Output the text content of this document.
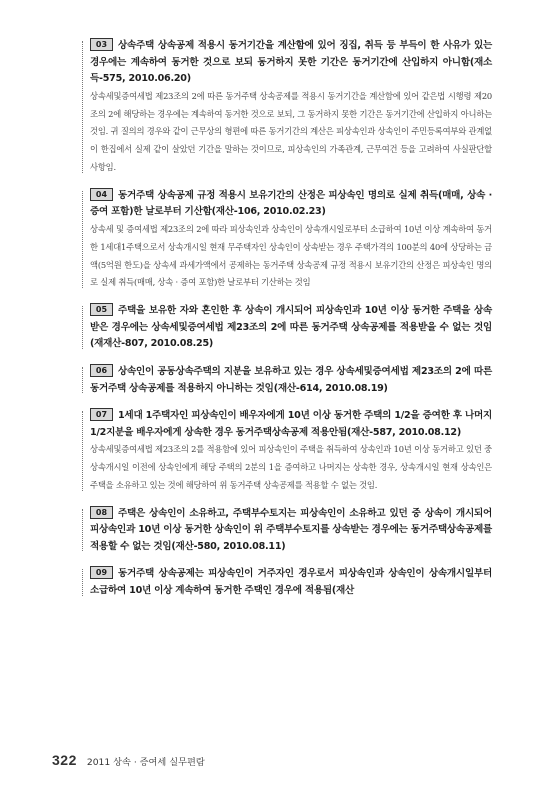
03 상속주택 상속공제 적용시 동거기간을 계산함에 있어 징집, 취득 등 부득이 한 사유가 있는 경우에는 계속하여 동거한 것으로 보되 동거하지 못한 기간은 동거기간에 산입하지 아니함(재소득-575, 2010.06.20)

상속세및증여세법 제23조의 2에 따른 동거주택 상속공제를 적용시 동거기간을 계산함에 있어 같은법 시행령 제20조의 2에 해당하는 경우에는 계속하여 동거한 것으로 보되, 그 동거하지 못한 기간은 동거기간에 산입하지 아니하는 것임. 귀 질의의 경우와 같이 근무상의 형편에 따른 동거기간의 계산은 피상속인과 상속인이 주민등록여부와 관계없이 한집에서 실제 같이 살았던 기간을 말하는 것이므로, 피상속인의 가족관계, 근무여건 등을 고려하여 사실판단할 사항임.

04 동거주택 상속공제 규정 적용시 보유기간의 산정은 피상속인 명의로 실제 취득(매매, 상속 · 증여 포함)한 날로부터 기산함(재산-106, 2010.02.23)

상속세 및 증여세법 제23조의 2에 따라 피상속인과 상속인이 상속개시일로부터 소급하여 10년 이상 계속하여 동거한 1세대1주택으로서 상속개시일 현재 무주택자인 상속인이 상속받는 경우 주택가격의 100분의 40에 상당하는 금액(5억원 한도)을 상속세 과세가액에서 공제하는 동거주택 상속공제 규정 적용시 보유기간의 산정은 피상속인 명의로 실제 취득(매매, 상속 · 증여 포함)한 날로부터 기산하는 것임

05 주택을 보유한 자와 혼인한 후 상속이 개시되어 피상속인과 10년 이상 동거한 주택을 상속받은 경우에는 상속세및증여세법 제23조의 2에 따른 동거주택 상속공제를 적용받을 수 없는 것임(재재산-807, 2010.08.25)

06 상속인이 공동상속주택의 지분을 보유하고 있는 경우 상속세및증여세법 제23조의 2에 따른 동거주택 상속공제를 적용하지 아니하는 것임(재산-614, 2010.08.19)

07 1세대 1주택자인 피상속인이 배우자에게 10년 이상 동거한 주택의 1/2을 증여한 후 나머지 1/2지분을 배우자에게 상속한 경우 동거주택상속공제 적용안됨(재산-587, 2010.08.12)

상속세및증여세법 제23조의 2를 적용함에 있어 피상속인이 주택을 취득하여 상속인과 10년 이상 동거하고 있던 중 상속개시일 이전에 상속인에게 해당 주택의 2분의 1을 증여하고 나머지는 상속한 경우, 상속개시일 현재 상속인은 주택을 소유하고 있는 것에 해당하여 위 동거주택 상속공제를 적용할 수 없는 것임.

08 주택은 상속인이 소유하고, 주택부수토지는 피상속인이 소유하고 있던 중 상속이 개시되어 피상속인과 10년 이상 동거한 상속인이 위 주택부수토지를 상속받는 경우에는 동거주택상속공제를 적용할 수 없는 것임(재산-580, 2010.08.11)

09 동거주택 상속공제는 피상속인이 거주자인 경우로서 피상속인과 상속인이 상속개시일부터 소급하여 10년 이상 계속하여 동거한 주택인 경우에 적용됨(재산

322 2011 상속 · 증여세 실무편람
